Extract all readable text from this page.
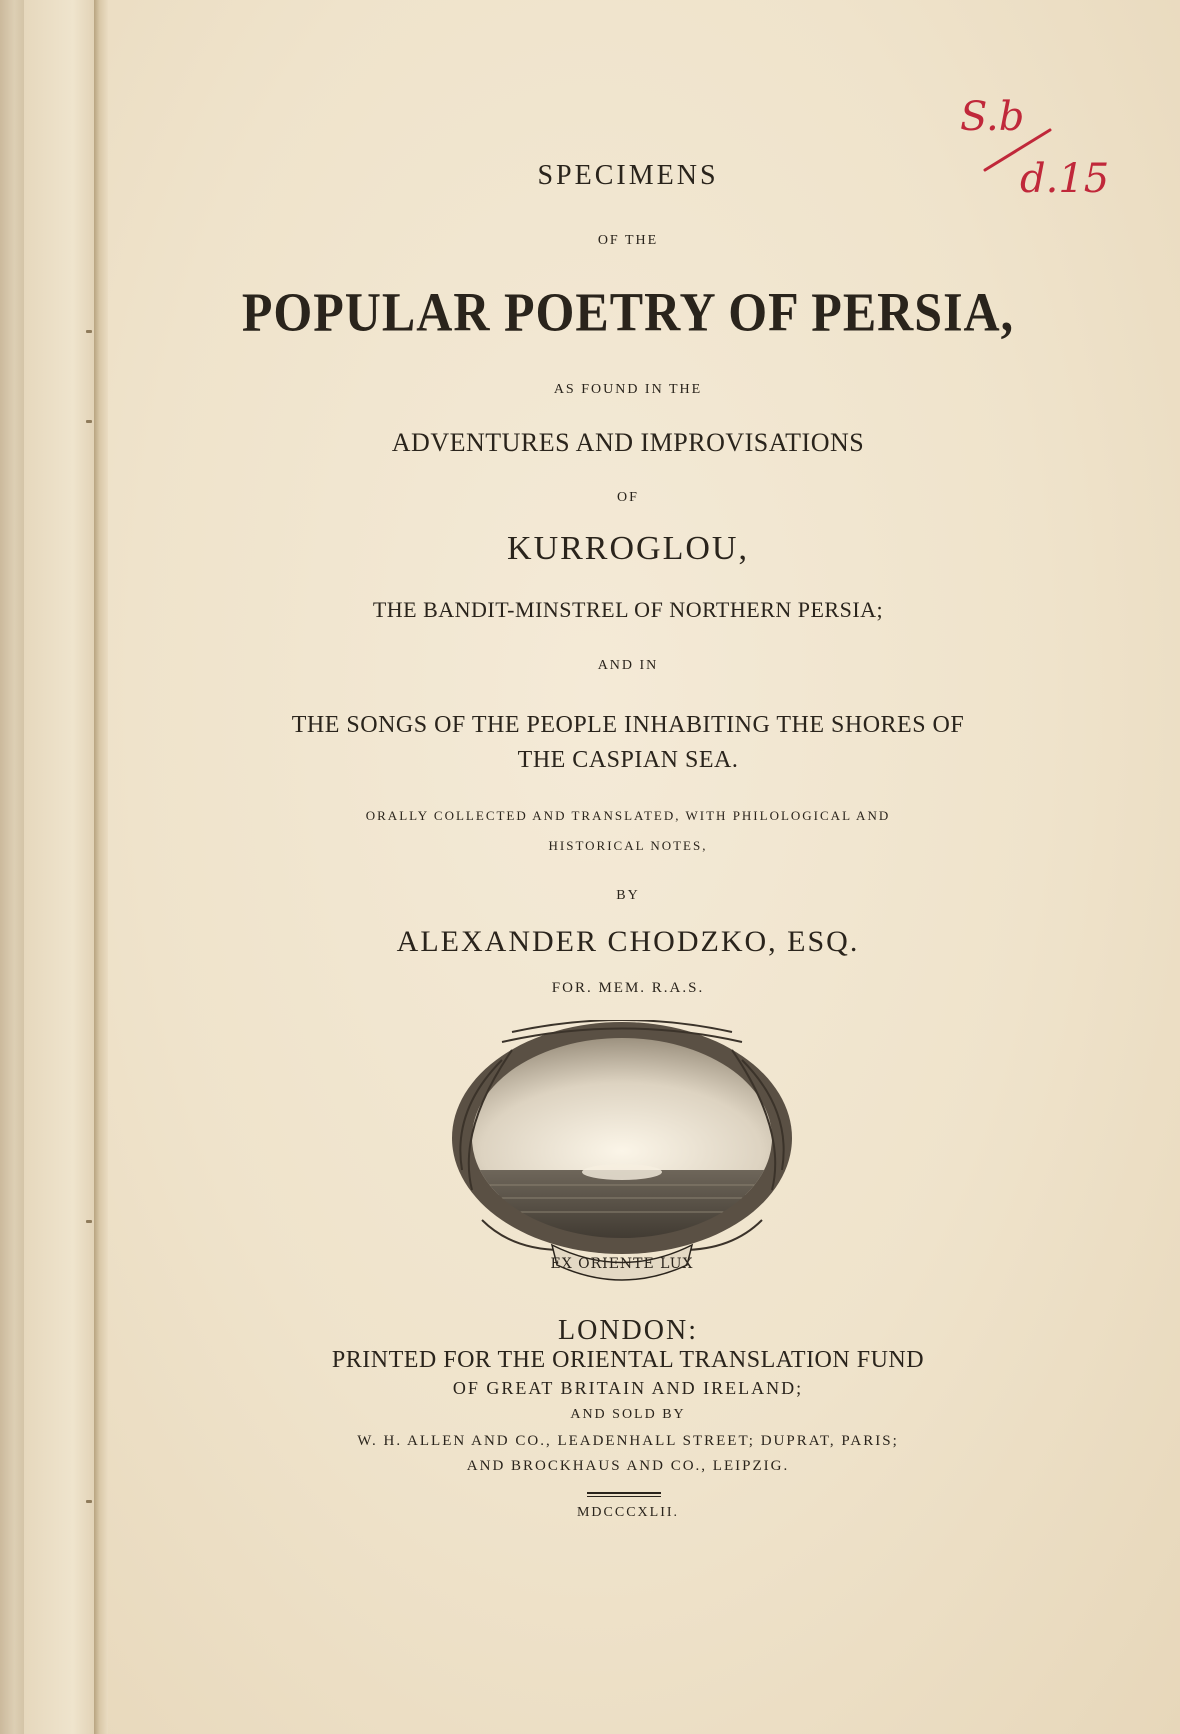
S.b
d.15
SPECIMENS
OF THE
POPULAR POETRY OF PERSIA,
AS FOUND IN THE
ADVENTURES AND IMPROVISATIONS
OF
KURROGLOU,
THE BANDIT-MINSTREL OF NORTHERN PERSIA;
AND IN
THE SONGS OF THE PEOPLE INHABITING THE SHORES OF
THE CASPIAN SEA.
ORALLY COLLECTED AND TRANSLATED, WITH PHILOLOGICAL AND
HISTORICAL NOTES,
BY
ALEXANDER CHODZKO, ESQ.
FOR. MEM. R.A.S.
EX ORIENTE LUX
LONDON:
PRINTED FOR THE ORIENTAL TRANSLATION FUND
OF GREAT BRITAIN AND IRELAND;
AND SOLD BY
W. H. ALLEN AND CO., LEADENHALL STREET; DUPRAT, PARIS;
AND BROCKHAUS AND CO., LEIPZIG.
MDCCCXLII.
